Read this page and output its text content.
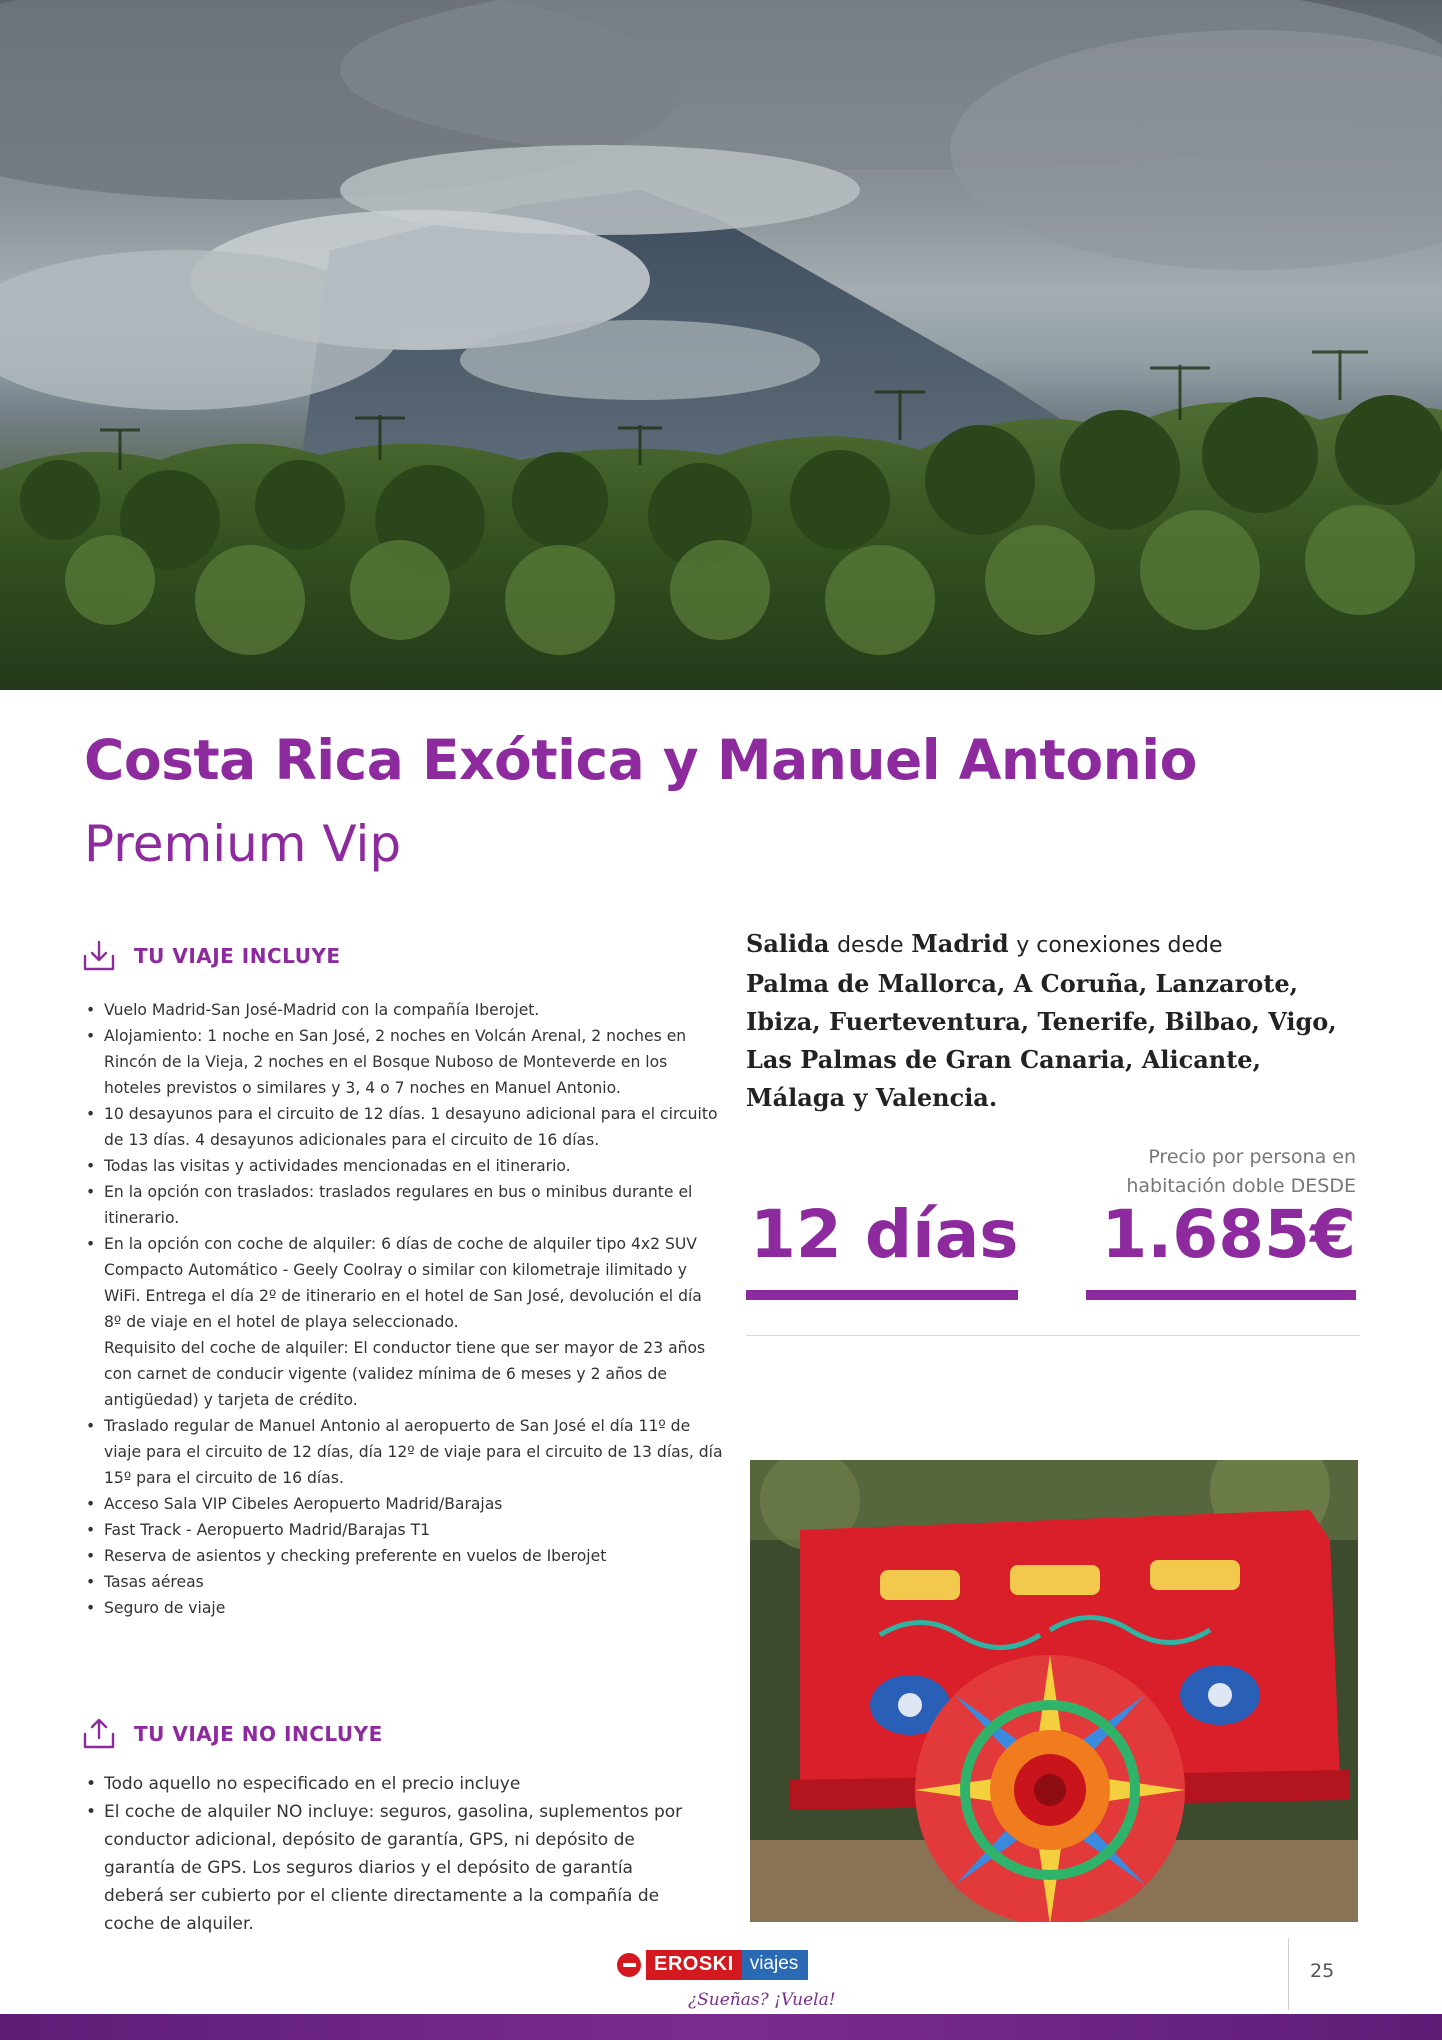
Costa Rica Exótica y Manuel Antonio
Premium Vip
TU VIAJE INCLUYE
• Vuelo Madrid-San José-Madrid con la compañía Iberojet.
• Alojamiento: 1 noche en San José, 2 noches en Volcán Arenal, 2 noches en Rincón de la Vieja, 2 noches en el Bosque Nuboso de Monteverde en los hoteles previstos o similares y 3, 4 o 7 noches en Manuel Antonio.
• 10 desayunos para el circuito de 12 días. 1 desayuno adicional para el circuito de 13 días. 4 desayunos adicionales para el circuito de 16 días.
• Todas las visitas y actividades mencionadas en el itinerario.
• En la opción con traslados: traslados regulares en bus o minibus durante el itinerario.
• En la opción con coche de alquiler: 6 días de coche de alquiler tipo 4x2 SUV Compacto Automático - Geely Coolray o similar con kilometraje ilimitado y WiFi. Entrega el día 2º de itinerario en el hotel de San José, devolución el día 8º de viaje en el hotel de playa seleccionado.
Requisito del coche de alquiler: El conductor tiene que ser mayor de 23 años con carnet de conducir vigente (validez mínima de 6 meses y 2 años de antigüedad) y tarjeta de crédito.
• Traslado regular de Manuel Antonio al aeropuerto de San José el día 11º de viaje para el circuito de 12 días, día 12º de viaje para el circuito de 13 días, día 15º para el circuito de 16 días.
• Acceso Sala VIP Cibeles Aeropuerto Madrid/Barajas
• Fast Track - Aeropuerto Madrid/Barajas T1
• Reserva de asientos y checking preferente en vuelos de Iberojet
• Tasas aéreas
• Seguro de viaje
TU VIAJE NO INCLUYE
• Todo aquello no especificado en el precio incluye
• El coche de alquiler NO incluye: seguros, gasolina, suplementos por conductor adicional, depósito de garantía, GPS, ni depósito de garantía de GPS. Los seguros diarios y el depósito de garantía deberá ser cubierto por el cliente directamente a la compañía de coche de alquiler.
Salida desde Madrid y conexiones dede
Palma de Mallorca, A Coruña, Lanzarote, Ibiza, Fuerteventura, Tenerife, Bilbao, Vigo, Las Palmas de Gran Canaria, Alicante, Málaga y Valencia.
Precio por persona en
habitación doble DESDE
12 días 1.685€
EROSKI viajes
¿Sueñas? ¡Vuela!
25
